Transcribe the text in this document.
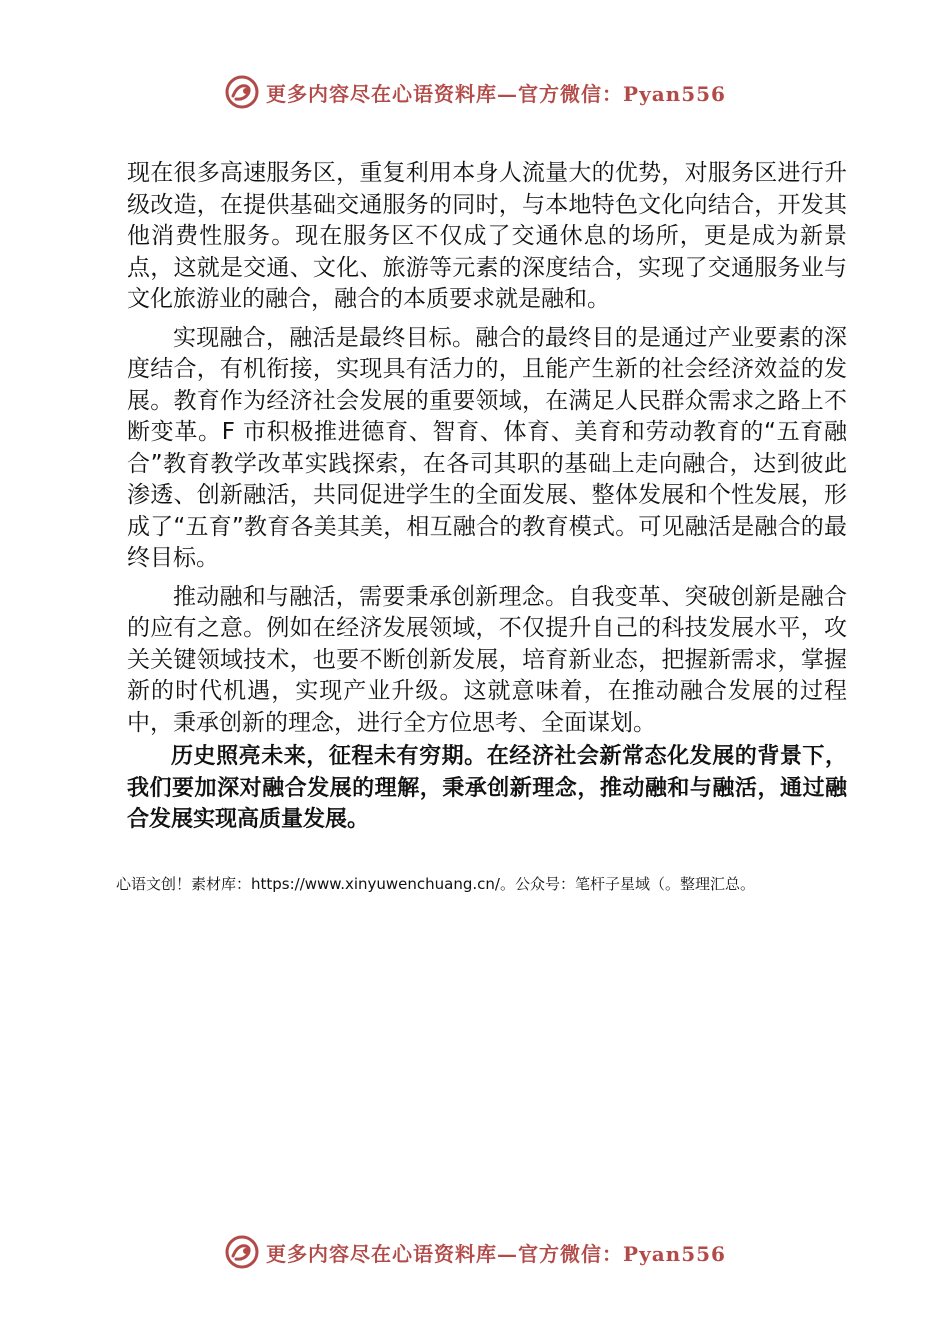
更多内容尽在心语资料库—官方微信：Pyan556

现在很多高速服务区，重复利用本身人流量大的优势，对服务区进行升级改造，在提供基础交通服务的同时，与本地特色文化向结合，开发其他消费性服务。现在服务区不仅成了交通休息的场所，更是成为新景点，这就是交通、文化、旅游等元素的深度结合，实现了交通服务业与文化旅游业的融合，融合的本质要求就是融和。

实现融合，融活是最终目标。融合的最终目的是通过产业要素的深度结合，有机衔接，实现具有活力的，且能产生新的社会经济效益的发展。教育作为经济社会发展的重要领域，在满足人民群众需求之路上不断变革。F 市积极推进德育、智育、体育、美育和劳动教育的“五育融合”教育教学改革实践探索，在各司其职的基础上走向融合，达到彼此渗透、创新融活，共同促进学生的全面发展、整体发展和个性发展，形成了“五育”教育各美其美，相互融合的教育模式。可见融活是融合的最终目标。

推动融和与融活，需要秉承创新理念。自我变革、突破创新是融合的应有之意。例如在经济发展领域，不仅提升自己的科技发展水平，攻关关键领域技术，也要不断创新发展，培育新业态，把握新需求，掌握新的时代机遇，实现产业升级。这就意味着，在推动融合发展的过程中，秉承创新的理念，进行全方位思考、全面谋划。

历史照亮未来，征程未有穷期。在经济社会新常态化发展的背景下，我们要加深对融合发展的理解，秉承创新理念，推动融和与融活，通过融合发展实现高质量发展。

心语文创！素材库：https://www.xinyuwenchuang.cn/。公众号：笔杆子星域（。整理汇总。
更多内容尽在心语资料库—官方微信：Pyan556
